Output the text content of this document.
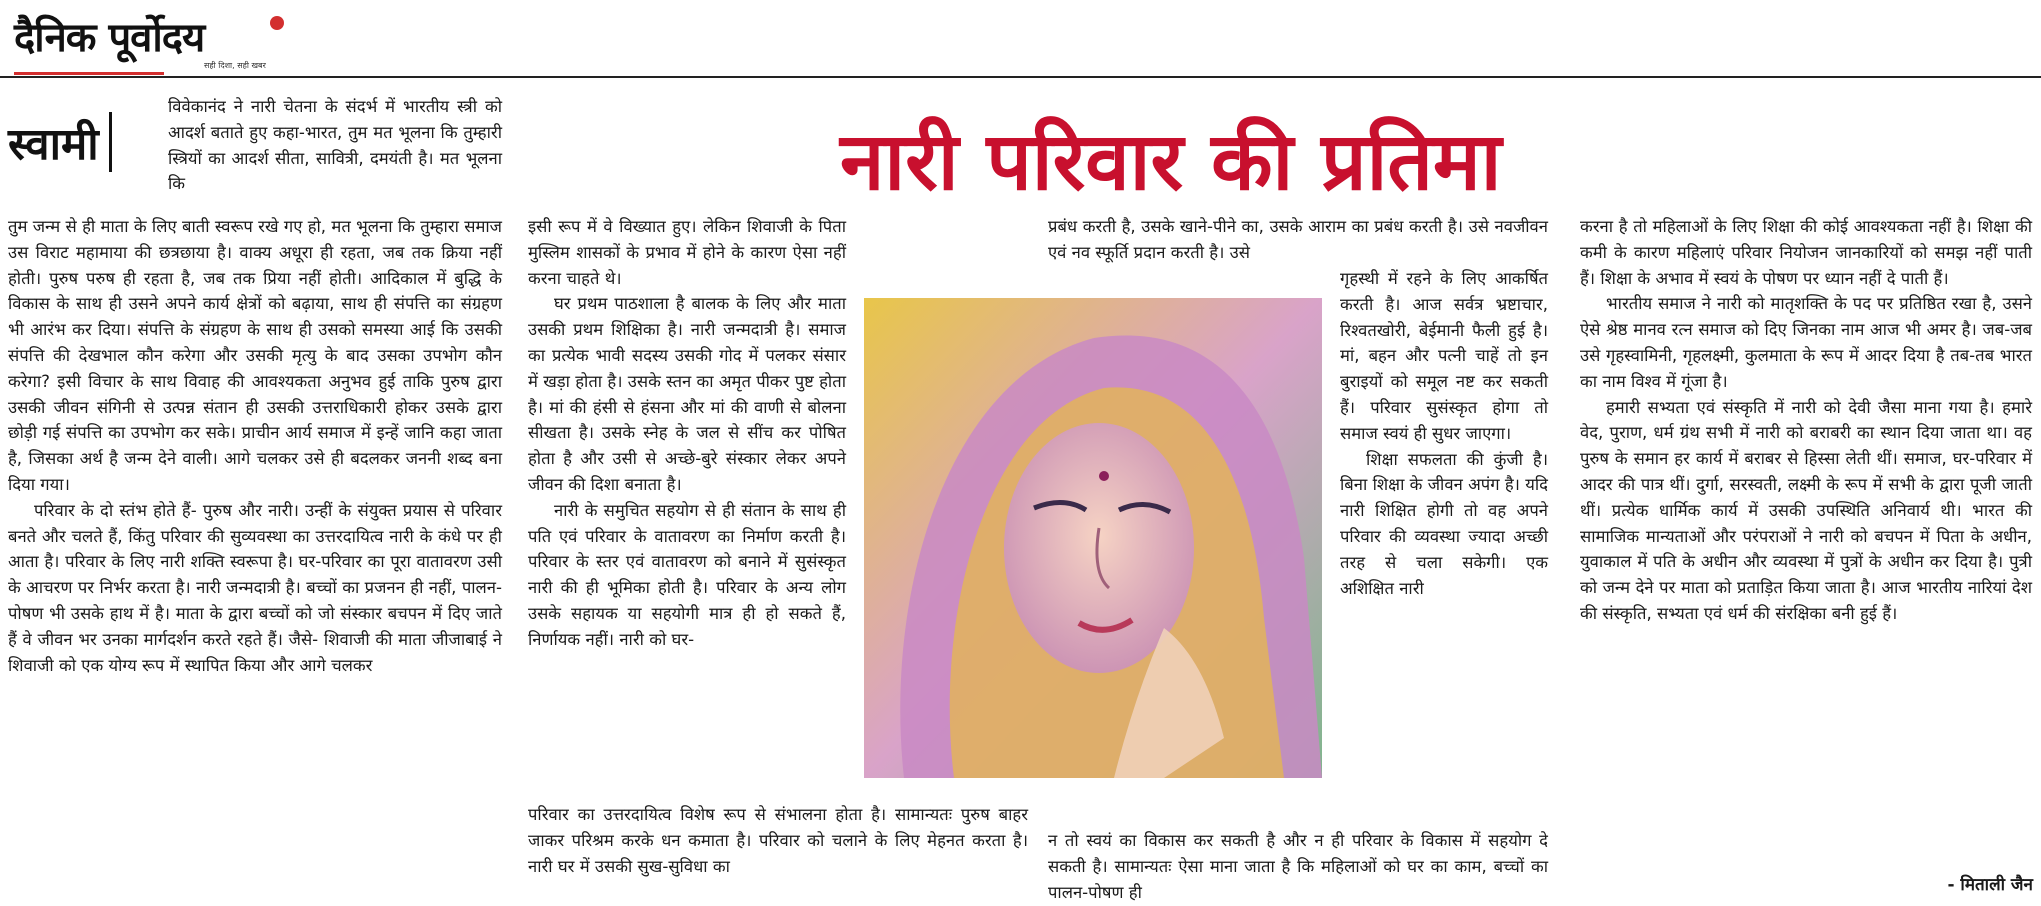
दैनिक पूर्वोदय
सही दिशा, सही खबर
नारी परिवार की प्रतिमा
स्वामी
विवेकानंद ने नारी चेतना के संदर्भ में भारतीय स्त्री को आदर्श बताते हुए कहा-भारत, तुम मत भूलना कि तुम्हारी स्त्रियों का आदर्श सीता, सावित्री, दमयंती है। मत भूलना कि

तुम जन्म से ही माता के लिए बाती स्वरूप रखे गए हो, मत भूलना कि तुम्हारा समाज उस विराट महामाया की छत्रछाया है। वाक्य अधूरा ही रहता, जब तक क्रिया नहीं होती। पुरुष परुष ही रहता है, जब तक प्रिया नहीं होती। आदिकाल में बुद्धि के विकास के साथ ही उसने अपने कार्य क्षेत्रों को बढ़ाया, साथ ही संपत्ति का संग्रहण भी आरंभ कर दिया। संपत्ति के संग्रहण के साथ ही उसको समस्या आई कि उसकी संपत्ति की देखभाल कौन करेगा और उसकी मृत्यु के बाद उसका उपभोग कौन करेगा? इसी विचार के साथ विवाह की आवश्यकता अनुभव हुई ताकि पुरुष द्वारा उसकी जीवन संगिनी से उत्पन्न संतान ही उसकी उत्तराधिकारी होकर उसके द्वारा छोड़ी गई संपत्ति का उपभोग कर सके। प्राचीन आर्य समाज में इन्हें जानि कहा जाता है, जिसका अर्थ है जन्म देने वाली। आगे चलकर उसे ही बदलकर जननी शब्द बना दिया गया।

परिवार के दो स्तंभ होते हैं- पुरुष और नारी। उन्हीं के संयुक्त प्रयास से परिवार बनते और चलते हैं, किंतु परिवार की सुव्यवस्था का उत्तरदायित्व नारी के कंधे पर ही आता है। परिवार के लिए नारी शक्ति स्वरूपा है। घर-परिवार का पूरा वातावरण उसी के आचरण पर निर्भर करता है। नारी जन्मदात्री है। बच्चों का प्रजनन ही नहीं, पालन-पोषण भी उसके हाथ में है। माता के द्वारा बच्चों को जो संस्कार बचपन में दिए जाते हैं वे जीवन भर उनका मार्गदर्शन करते रहते हैं। जैसे- शिवाजी की माता जीजाबाई ने शिवाजी को एक योग्य रूप में स्थापित किया और आगे चलकर

इसी रूप में वे विख्यात हुए। लेकिन शिवाजी के पिता मुस्लिम शासकों के प्रभाव में होने के कारण ऐसा नहीं करना चाहते थे।

घर प्रथम पाठशाला है बालक के लिए और माता उसकी प्रथम शिक्षिका है। नारी जन्मदात्री है। समाज का प्रत्येक भावी सदस्य उसकी गोद में पलकर संसार में खड़ा होता है। उसके स्तन का अमृत पीकर पुष्ट होता है। मां की हंसी से हंसना और मां की वाणी से बोलना सीखता है। उसके स्नेह के जल से सींच कर पोषित होता है और उसी से अच्छे-बुरे संस्कार लेकर अपने जीवन की दिशा बनाता है।

नारी के समुचित सहयोग से ही संतान के साथ ही पति एवं परिवार के वातावरण का निर्माण करती है। परिवार के स्तर एवं वातावरण को बनाने में सुसंस्कृत नारी की ही भूमिका होती है। परिवार के अन्य लोग उसके सहायक या सहयोगी मात्र ही हो सकते हैं, निर्णायक नहीं। नारी को घर-

परिवार का उत्तरदायित्व विशेष रूप से संभालना होता है। सामान्यतः पुरुष बाहर जाकर परिश्रम करके धन कमाता है। परिवार को चलाने के लिए मेहनत करता है। नारी घर में उसकी सुख-सुविधा का

प्रबंध करती है, उसके खाने-पीने का, उसके आराम का प्रबंध करती है। उसे नवजीवन एवं नव स्फूर्ति प्रदान करती है। उसे

गृहस्थी में रहने के लिए आकर्षित करती है। आज सर्वत्र भ्रष्टाचार, रिश्वतखोरी, बेईमानी फैली हुई है। मां, बहन और पत्नी चाहें तो इन बुराइयों को समूल नष्ट कर सकती हैं। परिवार सुसंस्कृत होगा तो समाज स्वयं ही सुधर जाएगा।

शिक्षा सफलता की कुंजी है। बिना शिक्षा के जीवन अपंग है। यदि नारी शिक्षित होगी तो वह अपने परिवार की व्यवस्था ज्यादा अच्छी तरह से चला सकेगी। एक अशिक्षित नारी

न तो स्वयं का विकास कर सकती है और न ही परिवार के विकास में सहयोग दे सकती है। सामान्यतः ऐसा माना जाता है कि महिलाओं को घर का काम, बच्चों का पालन-पोषण ही

करना है तो महिलाओं के लिए शिक्षा की कोई आवश्यकता नहीं है। शिक्षा की कमी के कारण महिलाएं परिवार नियोजन जानकारियों को समझ नहीं पाती हैं। शिक्षा के अभाव में स्वयं के पोषण पर ध्यान नहीं दे पाती हैं।

भारतीय समाज ने नारी को मातृशक्ति के पद पर प्रतिष्ठित रखा है, उसने ऐसे श्रेष्ठ मानव रत्न समाज को दिए जिनका नाम आज भी अमर है। जब-जब उसे गृहस्वामिनी, गृहलक्ष्मी, कुलमाता के रूप में आदर दिया है तब-तब भारत का नाम विश्व में गूंजा है।

हमारी सभ्यता एवं संस्कृति में नारी को देवी जैसा माना गया है। हमारे वेद, पुराण, धर्म ग्रंथ सभी में नारी को बराबरी का स्थान दिया जाता था। वह पुरुष के समान हर कार्य में बराबर से हिस्सा लेती थीं। समाज, घर-परिवार में आदर की पात्र थीं। दुर्गा, सरस्वती, लक्ष्मी के रूप में सभी के द्वारा पूजी जाती थीं। प्रत्येक धार्मिक कार्य में उसकी उपस्थिति अनिवार्य थी। भारत की सामाजिक मान्यताओं और परंपराओं ने नारी को बचपन में पिता के अधीन, युवाकाल में पति के अधीन और व्यवस्था में पुत्रों के अधीन कर दिया है। पुत्री को जन्म देने पर माता को प्रताड़ित किया जाता है। आज भारतीय नारियां देश की संस्कृति, सभ्यता एवं धर्म की संरक्षिका बनी हुई हैं।

- मिताली जैन
